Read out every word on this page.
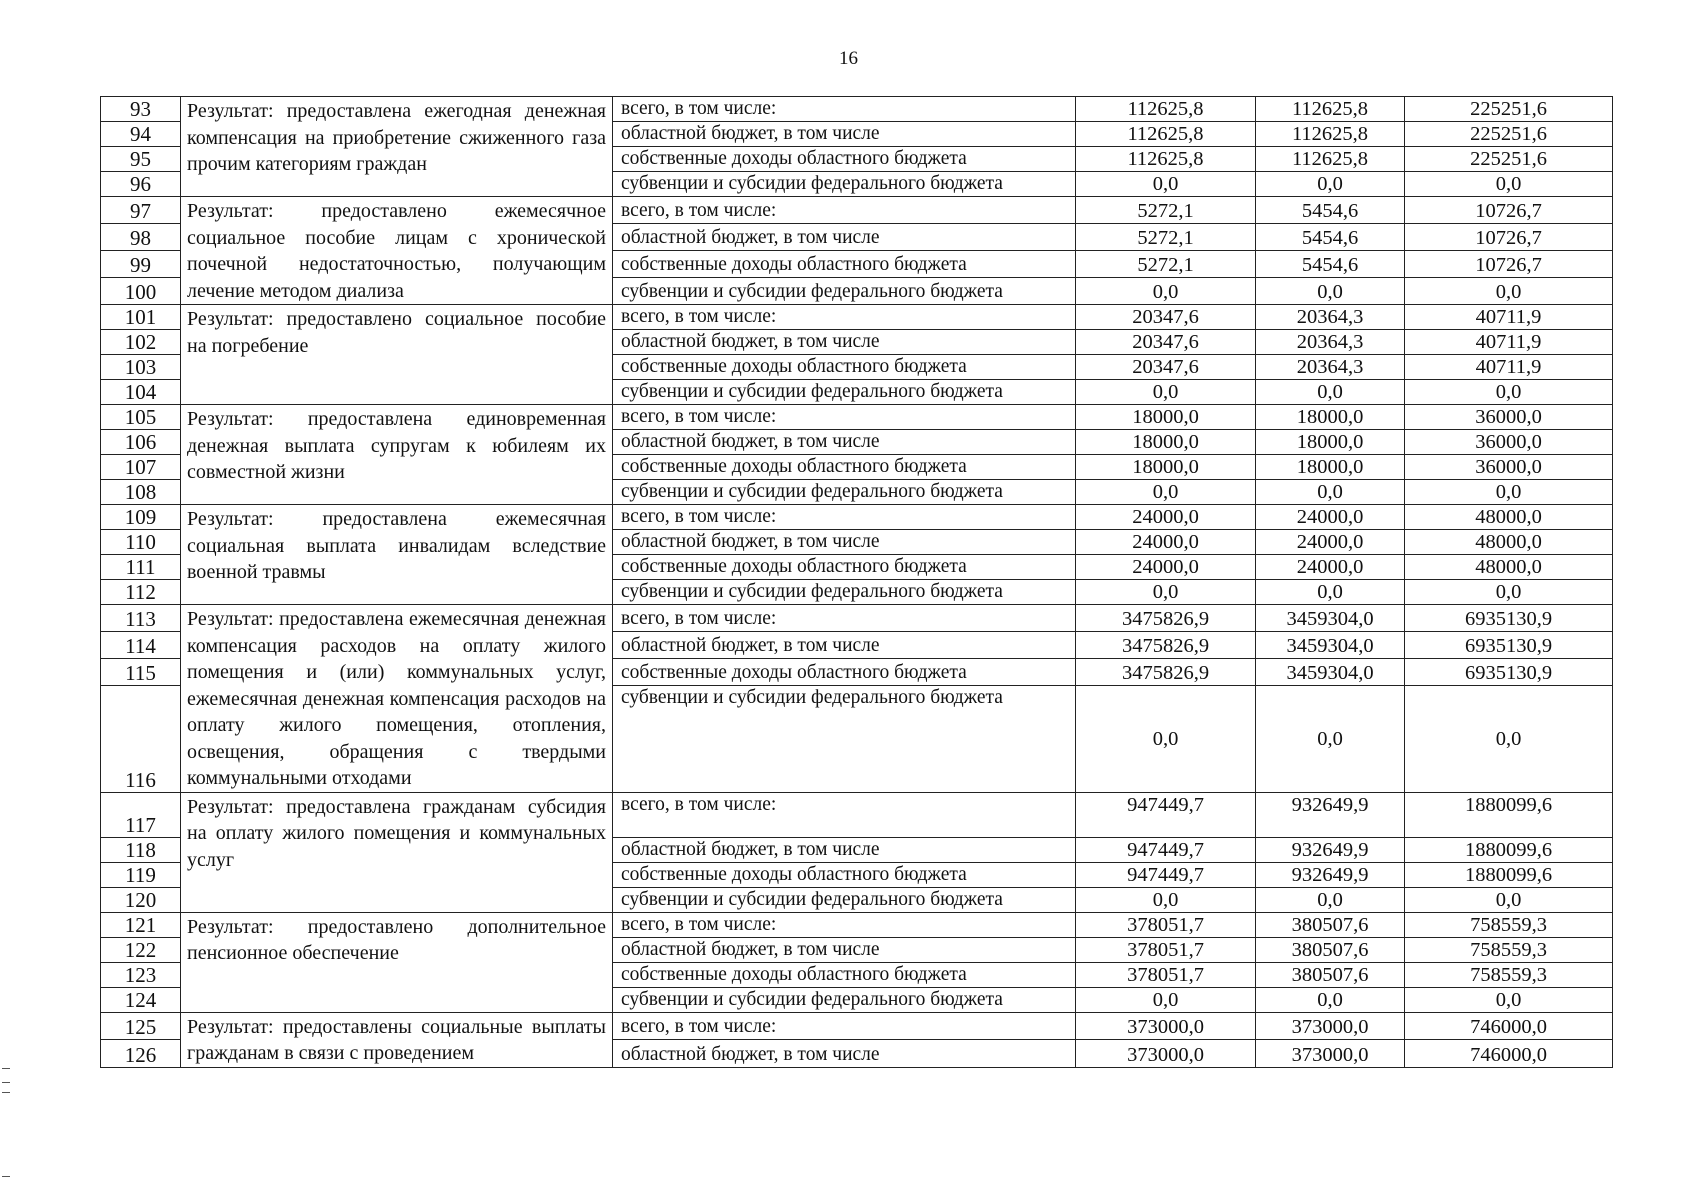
16
93	Результат: предоставлена ежегодная денежная компенсация на приобретение сжиженного газа прочим категориям граждан	всего, в том числе:	112625,8	112625,8	225251,6
94		областной бюджет, в том числе	112625,8	112625,8	225251,6
95		собственные доходы областного бюджета	112625,8	112625,8	225251,6
96		субвенции и субсидии федерального бюджета	0,0	0,0	0,0
97	Результат: предоставлено ежемесячное социальное пособие лицам с хронической почечной недостаточностью, получающим лечение методом диализа	всего, в том числе:	5272,1	5454,6	10726,7
98		областной бюджет, в том числе	5272,1	5454,6	10726,7
99		собственные доходы областного бюджета	5272,1	5454,6	10726,7
100		субвенции и субсидии федерального бюджета	0,0	0,0	0,0
101	Результат: предоставлено социальное пособие на погребение	всего, в том числе:	20347,6	20364,3	40711,9
102		областной бюджет, в том числе	20347,6	20364,3	40711,9
103		собственные доходы областного бюджета	20347,6	20364,3	40711,9
104		субвенции и субсидии федерального бюджета	0,0	0,0	0,0
105	Результат: предоставлена единовременная денежная выплата супругам к юбилеям их совместной жизни	всего, в том числе:	18000,0	18000,0	36000,0
106		областной бюджет, в том числе	18000,0	18000,0	36000,0
107		собственные доходы областного бюджета	18000,0	18000,0	36000,0
108		субвенции и субсидии федерального бюджета	0,0	0,0	0,0
109	Результат: предоставлена ежемесячная социальная выплата инвалидам вследствие военной травмы	всего, в том числе:	24000,0	24000,0	48000,0
110		областной бюджет, в том числе	24000,0	24000,0	48000,0
111		собственные доходы областного бюджета	24000,0	24000,0	48000,0
112		субвенции и субсидии федерального бюджета	0,0	0,0	0,0
113	Результат: предоставлена ежемесячная денежная компенсация расходов на оплату жилого помещения и (или) коммунальных услуг, ежемесячная денежная компенсация расходов на оплату жилого помещения, отопления, освещения, обращения с твердыми коммунальными отходами	всего, в том числе:	3475826,9	3459304,0	6935130,9
114		областной бюджет, в том числе	3475826,9	3459304,0	6935130,9
115		собственные доходы областного бюджета	3475826,9	3459304,0	6935130,9
116		субвенции и субсидии федерального бюджета	0,0	0,0	0,0
117	Результат: предоставлена гражданам субсидия на оплату жилого помещения и коммунальных услуг	всего, в том числе:	947449,7	932649,9	1880099,6
118		областной бюджет, в том числе	947449,7	932649,9	1880099,6
119		собственные доходы областного бюджета	947449,7	932649,9	1880099,6
120		субвенции и субсидии федерального бюджета	0,0	0,0	0,0
121	Результат: предоставлено дополнительное пенсионное обеспечение	всего, в том числе:	378051,7	380507,6	758559,3
122		областной бюджет, в том числе	378051,7	380507,6	758559,3
123		собственные доходы областного бюджета	378051,7	380507,6	758559,3
124		субвенции и субсидии федерального бюджета	0,0	0,0	0,0
125	Результат: предоставлены социальные выплаты гражданам в связи с проведением	всего, в том числе:	373000,0	373000,0	746000,0
126		областной бюджет, в том числе	373000,0	373000,0	746000,0
